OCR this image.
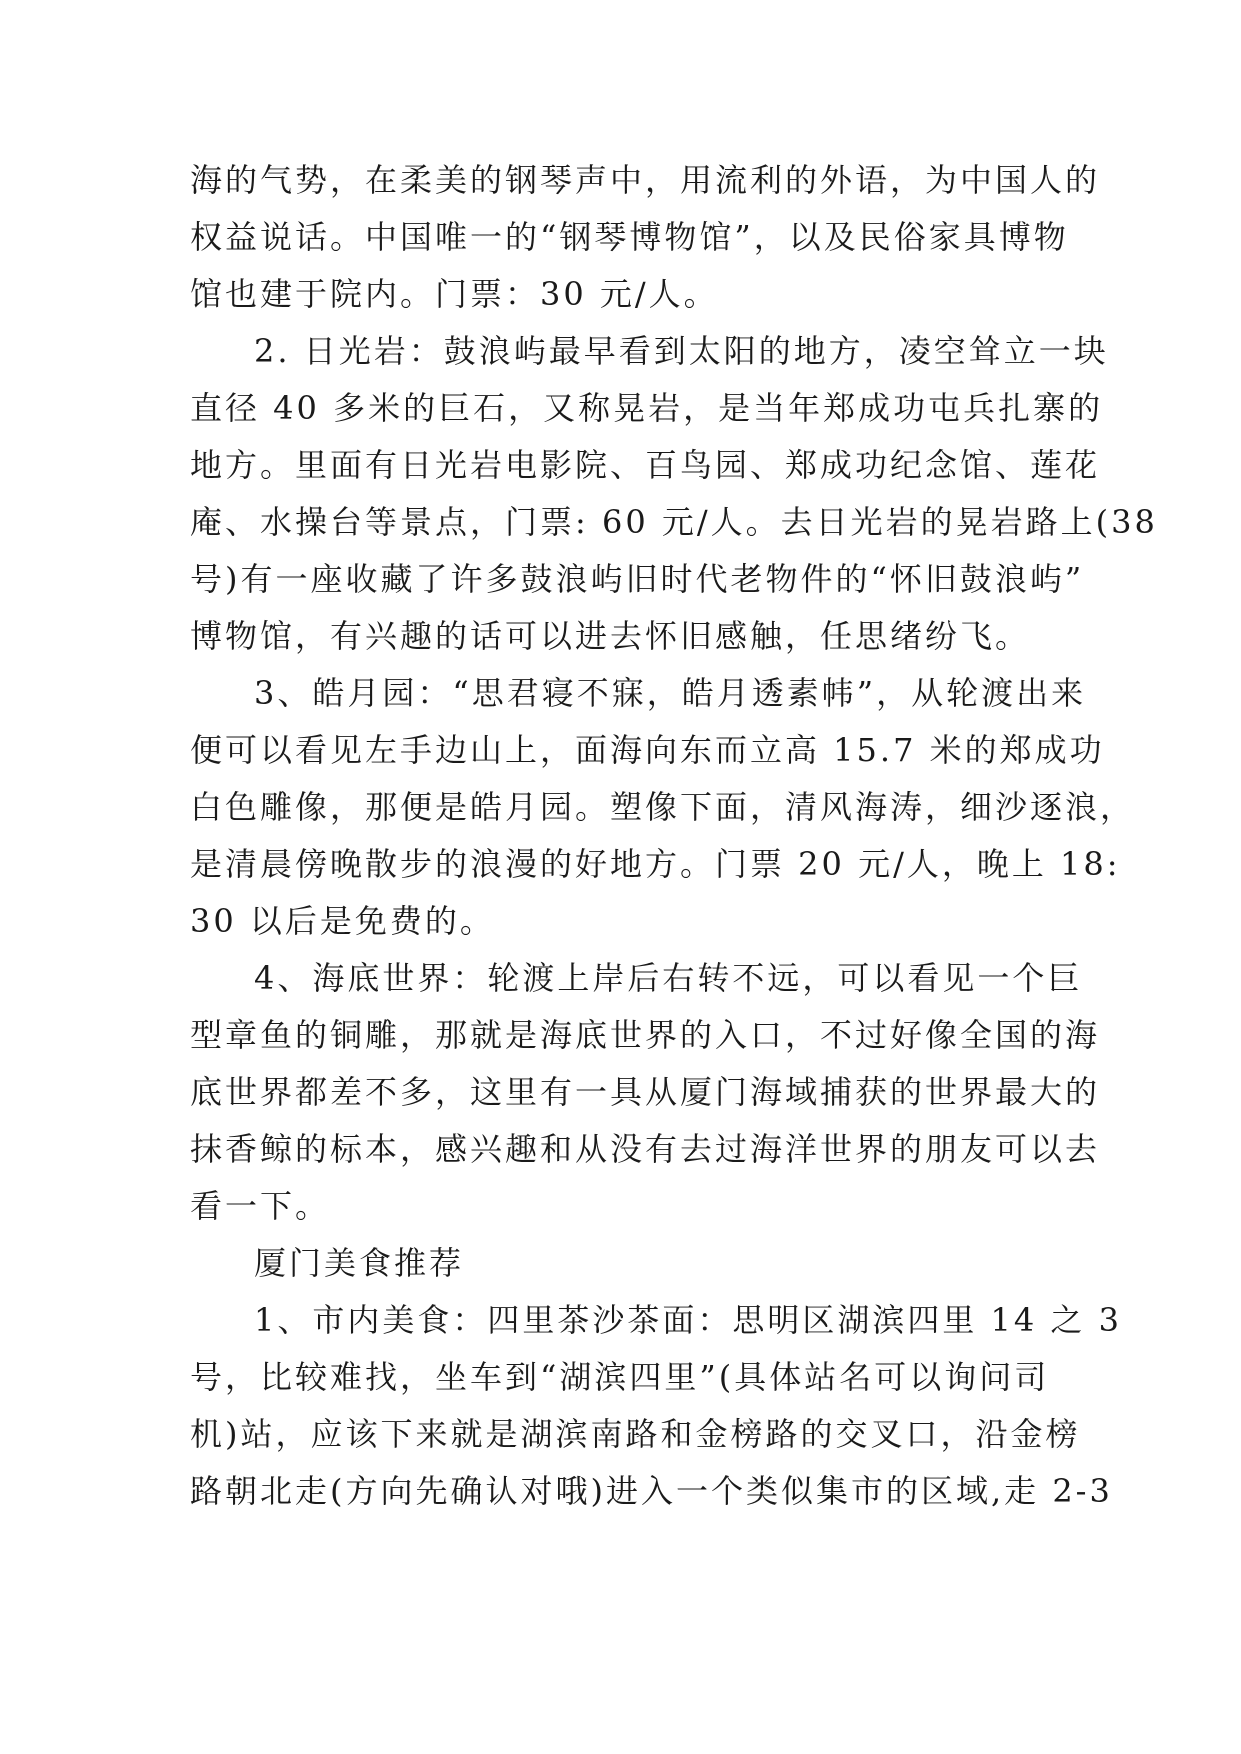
海的气势，在柔美的钢琴声中，用流利的外语，为中国人的
权益说话。中国唯一的“钢琴博物馆”，以及民俗家具博物
馆也建于院内。门票：30 元/人。
2. 日光岩：鼓浪屿最早看到太阳的地方，凌空耸立一块
直径 40 多米的巨石，又称晃岩，是当年郑成功屯兵扎寨的
地方。里面有日光岩电影院、百鸟园、郑成功纪念馆、莲花
庵、水操台等景点，门票: 60 元/人。去日光岩的晃岩路上(38
号)有一座收藏了许多鼓浪屿旧时代老物件的“怀旧鼓浪屿”
博物馆，有兴趣的话可以进去怀旧感触，任思绪纷飞。
3、皓月园：“思君寝不寐，皓月透素帏”，从轮渡出来
便可以看见左手边山上，面海向东而立高 15.7 米的郑成功
白色雕像，那便是皓月园。塑像下面，清风海涛，细沙逐浪，
是清晨傍晚散步的浪漫的好地方。门票 20 元/人，晚上 18:
30 以后是免费的。
4、海底世界：轮渡上岸后右转不远，可以看见一个巨
型章鱼的铜雕，那就是海底世界的入口，不过好像全国的海
底世界都差不多，这里有一具从厦门海域捕获的世界最大的
抹香鲸的标本，感兴趣和从没有去过海洋世界的朋友可以去
看一下。
厦门美食推荐
1、市内美食：四里茶沙茶面：思明区湖滨四里 14 之 3
号，比较难找，坐车到“湖滨四里”(具体站名可以询问司
机)站，应该下来就是湖滨南路和金榜路的交叉口，沿金榜
路朝北走(方向先确认对哦)进入一个类似集市的区域,走 2-3
